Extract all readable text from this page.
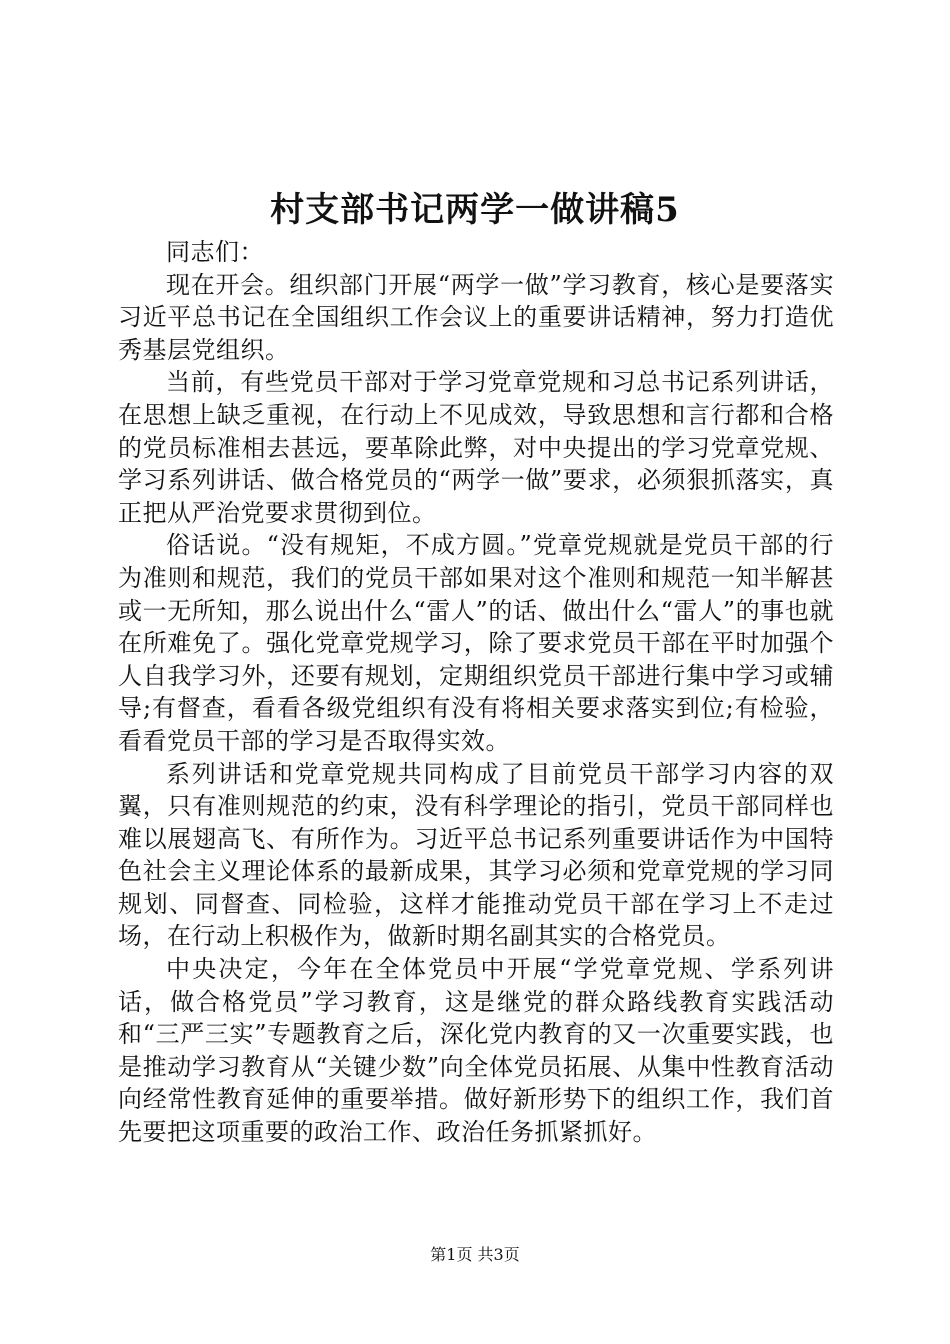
村支部书记两学一做讲稿5

同志们：

现在开会。组织部门开展“两学一做”学习教育，核心是要落实习近平总书记在全国组织工作会议上的重要讲话精神，努力打造优秀基层党组织。

当前，有些党员干部对于学习党章党规和习总书记系列讲话，在思想上缺乏重视，在行动上不见成效，导致思想和言行都和合格的党员标准相去甚远，要革除此弊，对中央提出的学习党章党规、学习系列讲话、做合格党员的“两学一做”要求，必须狠抓落实，真正把从严治党要求贯彻到位。

俗话说。“没有规矩，不成方圆。”党章党规就是党员干部的行为准则和规范，我们的党员干部如果对这个准则和规范一知半解甚或一无所知，那么说出什么“雷人”的话、做出什么“雷人”的事也就在所难免了。强化党章党规学习，除了要求党员干部在平时加强个人自我学习外，还要有规划，定期组织党员干部进行集中学习或辅导;有督查，看看各级党组织有没有将相关要求落实到位;有检验，看看党员干部的学习是否取得实效。

系列讲话和党章党规共同构成了目前党员干部学习内容的双翼，只有准则规范的约束，没有科学理论的指引，党员干部同样也难以展翅高飞、有所作为。习近平总书记系列重要讲话作为中国特色社会主义理论体系的最新成果，其学习必须和党章党规的学习同规划、同督查、同检验，这样才能推动党员干部在学习上不走过场，在行动上积极作为，做新时期名副其实的合格党员。

中央决定，今年在全体党员中开展“学党章党规、学系列讲话，做合格党员”学习教育，这是继党的群众路线教育实践活动和“三严三实”专题教育之后，深化党内教育的又一次重要实践，也是推动学习教育从“关键少数”向全体党员拓展、从集中性教育活动向经常性教育延伸的重要举措。做好新形势下的组织工作，我们首先要把这项重要的政治工作、政治任务抓紧抓好。

第1页 共3页
